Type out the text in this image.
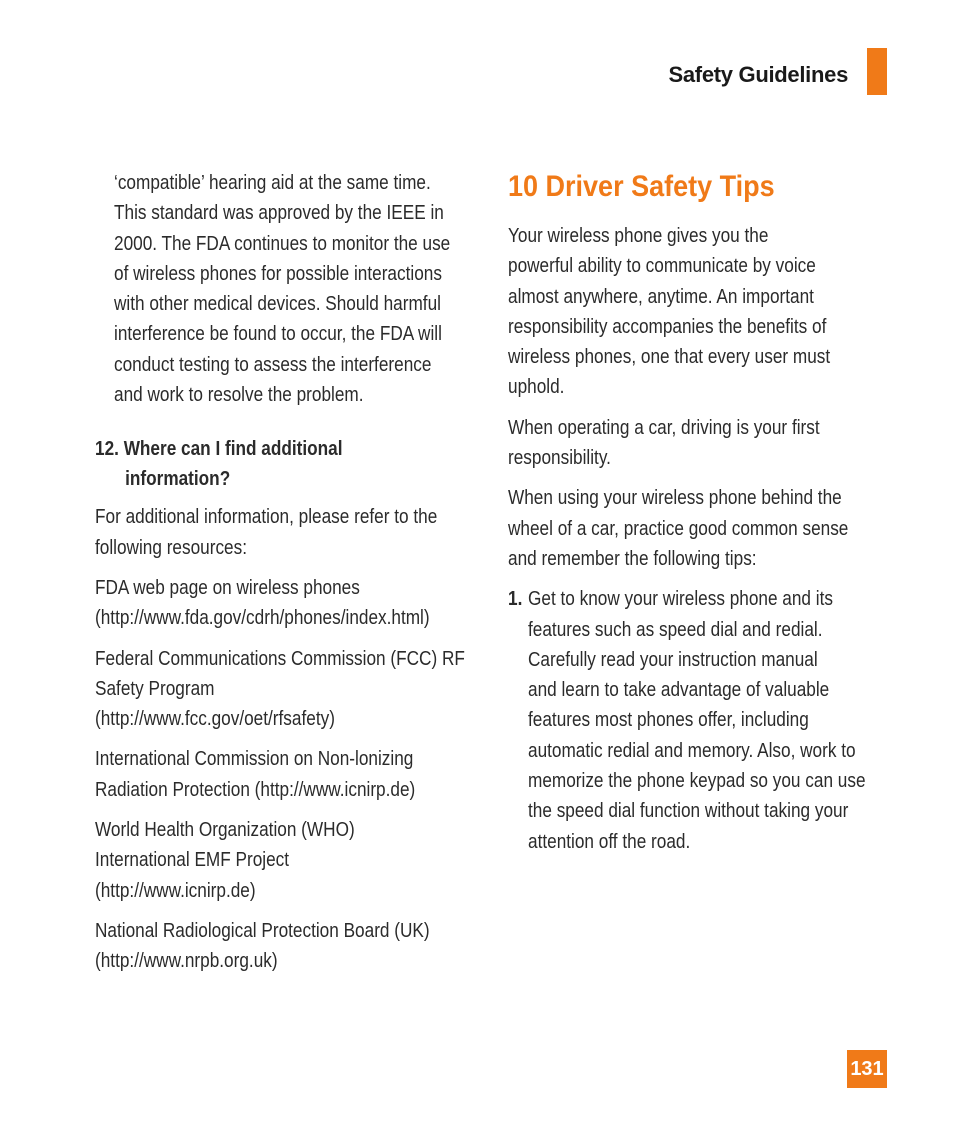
Safety Guidelines
‘compatible’ hearing aid at the same time.
This standard was approved by the IEEE in
2000. The FDA continues to monitor the use
of wireless phones for possible interactions
with other medical devices. Should harmful
interference be found to occur, the FDA will
conduct testing to assess the interference
and work to resolve the problem.
12. Where can I find additional
information?
For additional information, please refer to the
following resources:
FDA web page on wireless phones
(http://www.fda.gov/cdrh/phones/index.html)
Federal Communications Commission (FCC) RF
Safety Program
(http://www.fcc.gov/oet/rfsafety)
International Commission on Non-lonizing
Radiation Protection (http://www.icnirp.de)
World Health Organization (WHO)
International EMF Project
(http://www.icnirp.de)
National Radiological Protection Board (UK)
(http://www.nrpb.org.uk)
10 Driver Safety Tips
Your wireless phone gives you the
powerful ability to communicate by voice
almost anywhere, anytime. An important
responsibility accompanies the benefits of
wireless phones, one that every user must
uphold.
When operating a car, driving is your first
responsibility.
When using your wireless phone behind the
wheel of a car, practice good common sense
and remember the following tips:
1. Get to know your wireless phone and its
features such as speed dial and redial.
Carefully read your instruction manual
and learn to take advantage of valuable
features most phones offer, including
automatic redial and memory. Also, work to
memorize the phone keypad so you can use
the speed dial function without taking your
attention off the road.
131
